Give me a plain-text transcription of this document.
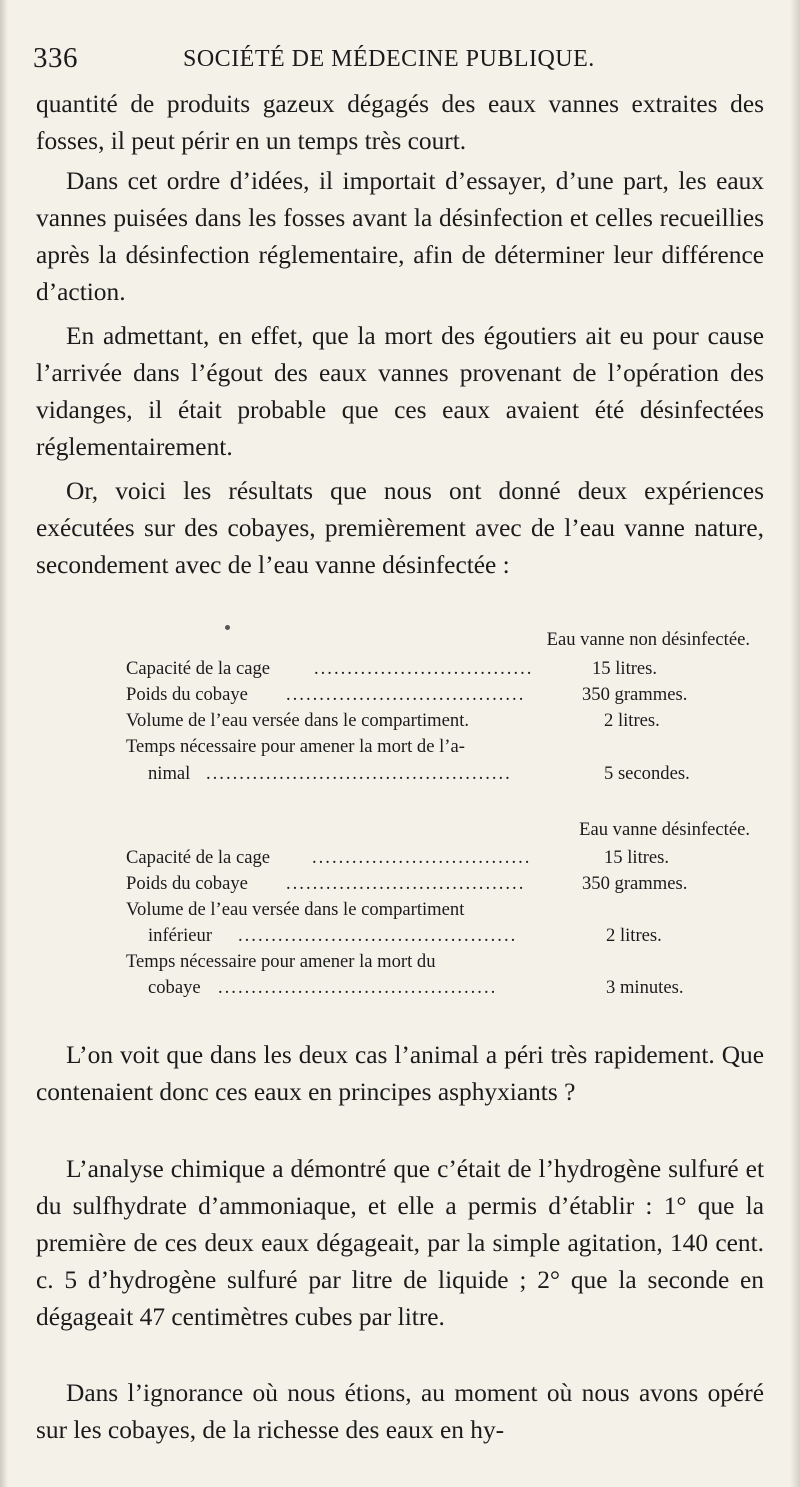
336	SOCIÉTÉ DE MÉDECINE PUBLIQUE.

quantité de produits gazeux dégagés des eaux vannes extraites des fosses, il peut périr en un temps très court.

Dans cet ordre d’idées, il importait d’essayer, d’une part, les eaux vannes puisées dans les fosses avant la désinfection et celles recueillies après la désinfection réglementaire, afin de déterminer leur différence d’action.

En admettant, en effet, que la mort des égoutiers ait eu pour cause l’arrivée dans l’égout des eaux vannes provenant de l’opération des vidanges, il était probable que ces eaux avaient été désinfectées réglementairement.

Or, voici les résultats que nous ont donné deux expériences exécutées sur des cobayes, premièrement avec de l’eau vanne nature, secondement avec de l’eau vanne désinfectée :

Eau vanne non désinfectée.
Capacité de la cage .................................	15 litres.
Poids du cobaye ....................................	350 grammes.
Volume de l’eau versée dans le compartiment.	2 litres.
Temps nécessaire pour amener la mort de l’a-
nimal ..............................................	5 secondes.
Eau vanne désinfectée.
Capacité de la cage .................................	15 litres.
Poids du cobaye ....................................	350 grammes.
Volume de l’eau versée dans le compartiment
inférieur ..........................................	2 litres.
Temps nécessaire pour amener la mort du
cobaye ..........................................	3 minutes.

L’on voit que dans les deux cas l’animal a péri très rapidement. Que contenaient donc ces eaux en principes asphyxiants ?

L’analyse chimique a démontré que c’était de l’hydrogène sulfuré et du sulfhydrate d’ammoniaque, et elle a permis d’établir : 1° que la première de ces deux eaux dégageait, par la simple agitation, 140 cent. c. 5 d’hydrogène sulfuré par litre de liquide ; 2° que la seconde en dégageait 47 centimètres cubes par litre.

Dans l’ignorance où nous étions, au moment où nous avons opéré sur les cobayes, de la richesse des eaux en hy-
